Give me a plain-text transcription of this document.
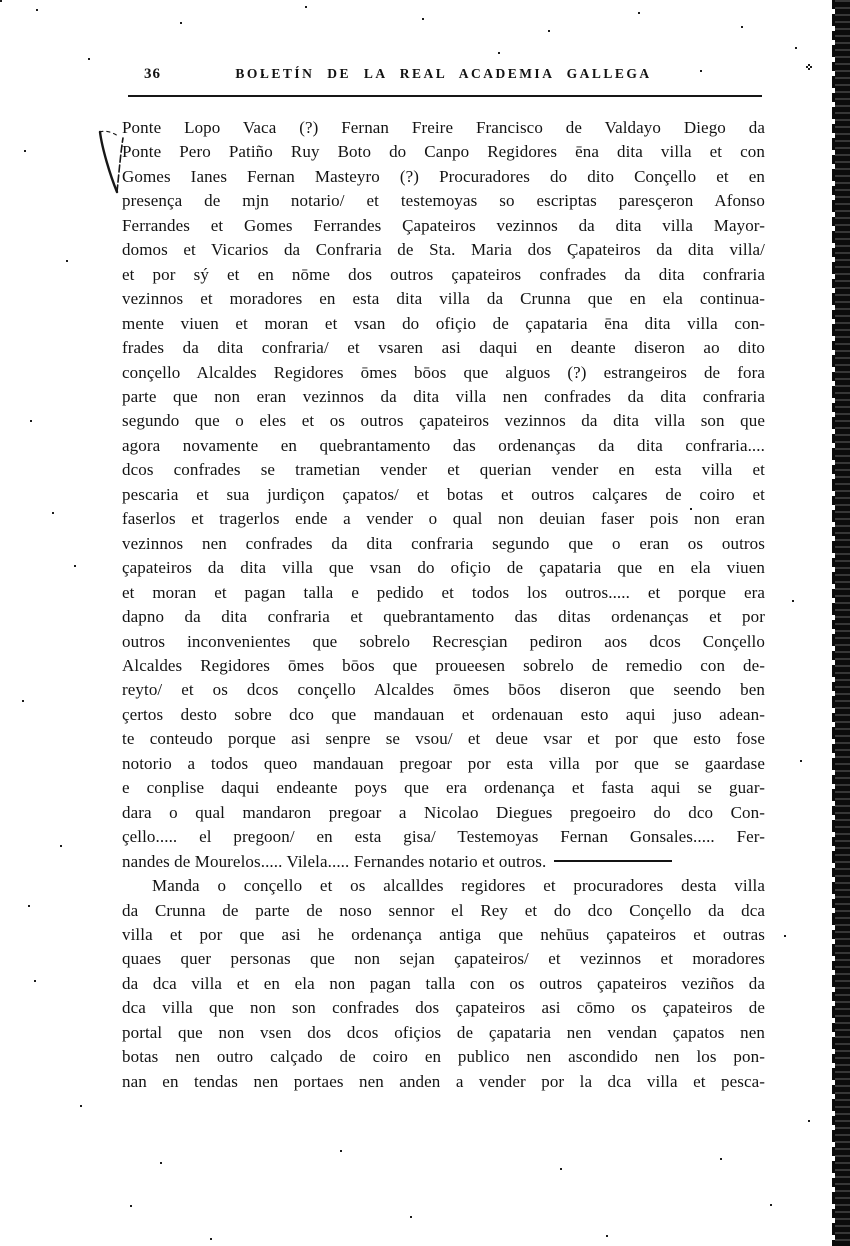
36	BOLETÍN DE LA REAL ACADEMIA GALLEGA
Ponte Lopo Vaca (?) Fernan Freire Francisco de Valdayo Diego da
Ponte Pero Patiño Ruy Boto do Canpo Regidores ēna dita villa et con
Gomes Ianes Fernan Masteyro (?) Procuradores do dito Conçello et en
presença de mjn notario/ et testemoyas so escriptas paresçeron Afonso
Ferrandes et Gomes Ferrandes Çapateiros vezinnos da dita villa Mayor-
domos et Vicarios da Confraria de Sta. Maria dos Çapateiros da dita villa/
et por sý et en nōme dos outros çapateiros confrades da dita confraria
vezinnos et moradores en esta dita villa da Crunna que en ela continua-
mente viuen et moran et vsan do ofiçio de çapataria ēna dita villa con-
frades da dita confraria/ et vsaren asi daqui en deante diseron ao dito
conçello Alcaldes Regidores ōmes bōos que alguos (?) estrangeiros de fora
parte que non eran vezinnos da dita villa nen confrades da dita confraria
segundo que o eles et os outros çapateiros vezinnos da dita villa son que
agora novamente en quebrantamento das ordenanças da dita confraria....
dcos confrades se trametian vender et querian vender en esta villa et
pescaria et sua jurdiçon çapatos/ et botas et outros calçares de coiro et
faserlos et tragerlos ende a vender o qual non deuian faser pois non eran
vezinnos nen confrades da dita confraria segundo que o eran os outros
çapateiros da dita villa que vsan do ofiçio de çapataria que en ela viuen
et moran et pagan talla e pedido et todos los outros..... et porque era
dapno da dita confraria et quebrantamento das ditas ordenanças et por
outros inconvenientes que sobrelo Recresçian pediron aos dcos Conçello
Alcaldes Regidores ōmes bōos que proueesen sobrelo de remedio con de-
reyto/ et os dcos conçello Alcaldes ōmes bōos diseron que seendo ben
çertos desto sobre dco que mandauan et ordenauan esto aqui juso adean-
te conteudo porque asi senpre se vsou/ et deue vsar et por que esto fose
notorio a todos queo mandauan pregoar por esta villa por que se gaardase
e conplise daqui endeante poys que era ordenança et fasta aqui se guar-
dara o qual mandaron pregoar a Nicolao Diegues pregoeiro do dco Con-
çello..... el pregoon/ en esta gisa/ Testemoyas Fernan Gonsales..... Fer-
nandes de Mourelos..... Vilela..... Fernandes notario et outros.
Manda o conçello et os alcalldes regidores et procuradores desta villa
da Crunna de parte de noso sennor el Rey et do dco Conçello da dca
villa et por que asi he ordenança antiga que nehūus çapateiros et outras
quaes quer personas que non sejan çapateiros/ et vezinnos et moradores
da dca villa et en ela non pagan talla con os outros çapateiros veziños da
dca villa que non son confrades dos çapateiros asi cōmo os çapateiros de
portal que non vsen dos dcos ofiçios de çapataria nen vendan çapatos nen
botas nen outro calçado de coiro en publico nen ascondido nen los pon-
nan en tendas nen portaes nen anden a vender por la dca villa et pesca-
